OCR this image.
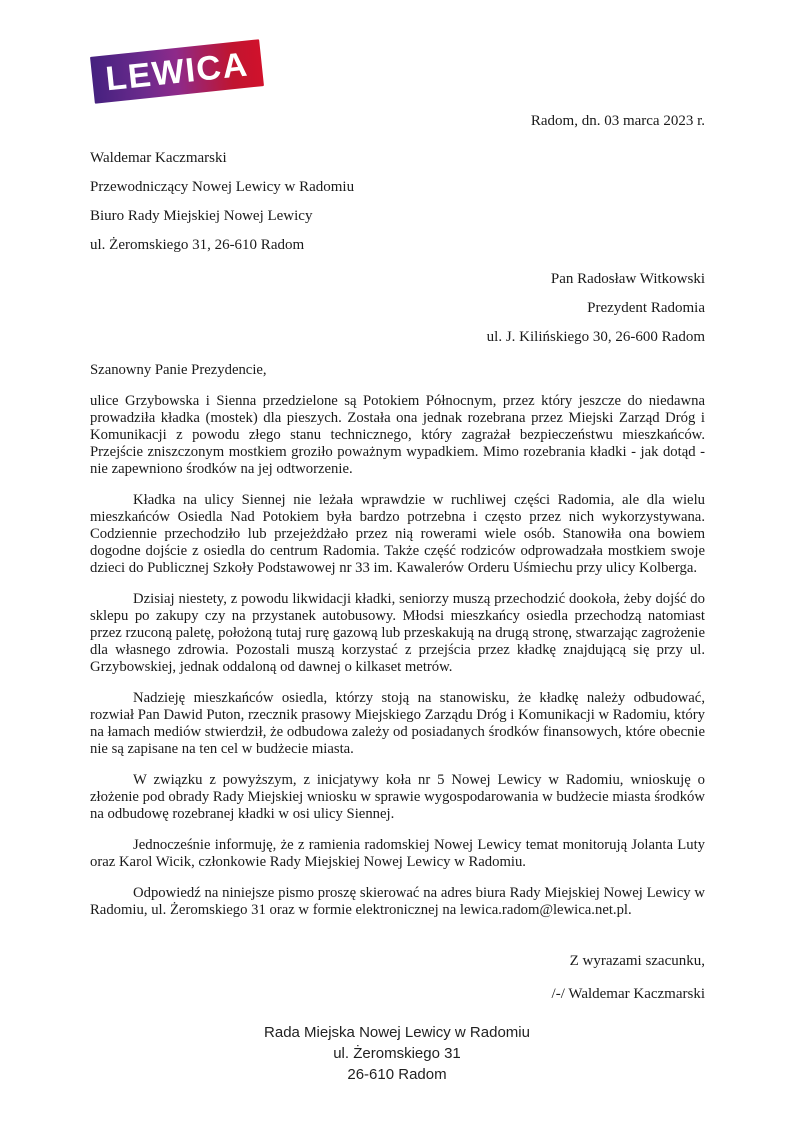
LEWICA
Radom, dn. 03 marca 2023 r.
Waldemar Kaczmarski
Przewodniczący Nowej Lewicy w Radomiu
Biuro Rady Miejskiej Nowej Lewicy
ul. Żeromskiego 31, 26-610 Radom
Pan Radosław Witkowski
Prezydent Radomia
ul. J. Kilińskiego 30, 26-600 Radom

Szanowny Panie Prezydencie,

ulice Grzybowska i Sienna przedzielone są Potokiem Północnym, przez który jeszcze do niedawna prowadziła kładka (mostek) dla pieszych. Została ona jednak rozebrana przez Miejski Zarząd Dróg i Komunikacji z powodu złego stanu technicznego, który zagrażał bezpieczeństwu mieszkańców. Przejście zniszczonym mostkiem groziło poważnym wypadkiem. Mimo rozebrania kładki - jak dotąd - nie zapewniono środków na jej odtworzenie.

Kładka na ulicy Siennej nie leżała wprawdzie w ruchliwej części Radomia, ale dla wielu mieszkańców Osiedla Nad Potokiem była bardzo potrzebna i często przez nich wykorzystywana. Codziennie przechodziło lub przejeżdżało przez nią rowerami wiele osób. Stanowiła ona bowiem dogodne dojście z osiedla do centrum Radomia. Także część rodziców odprowadzała mostkiem swoje dzieci do Publicznej Szkoły Podstawowej nr 33 im. Kawalerów Orderu Uśmiechu przy ulicy Kolberga.

Dzisiaj niestety, z powodu likwidacji kładki, seniorzy muszą przechodzić dookoła, żeby dojść do sklepu po zakupy czy na przystanek autobusowy. Młodsi mieszkańcy osiedla przechodzą natomiast przez rzuconą paletę, położoną tutaj rurę gazową lub przeskakują na drugą stronę, stwarzając zagrożenie dla własnego zdrowia. Pozostali muszą korzystać z przejścia przez kładkę znajdującą się przy ul. Grzybowskiej, jednak oddaloną od dawnej o kilkaset metrów.

Nadzieję mieszkańców osiedla, którzy stoją na stanowisku, że kładkę należy odbudować, rozwiał Pan Dawid Puton, rzecznik prasowy Miejskiego Zarządu Dróg i Komunikacji w Radomiu, który na łamach mediów stwierdził, że odbudowa zależy od posiadanych środków finansowych, które obecnie nie są zapisane na ten cel w budżecie miasta.

W związku z powyższym, z inicjatywy koła nr 5 Nowej Lewicy w Radomiu, wnioskuję o złożenie pod obrady Rady Miejskiej wniosku w sprawie wygospodarowania w budżecie miasta środków na odbudowę rozebranej kładki w osi ulicy Siennej.

Jednocześnie informuję, że z ramienia radomskiej Nowej Lewicy temat monitorują Jolanta Luty oraz Karol Wicik, członkowie Rady Miejskiej Nowej Lewicy w Radomiu.

Odpowiedź na niniejsze pismo proszę skierować na adres biura Rady Miejskiej Nowej Lewicy w Radomiu, ul. Żeromskiego 31 oraz w formie elektronicznej na lewica.radom@lewica.net.pl.

Z wyrazami szacunku,
/-/ Waldemar Kaczmarski
Rada Miejska Nowej Lewicy w Radomiu
ul. Żeromskiego 31
26-610 Radom
